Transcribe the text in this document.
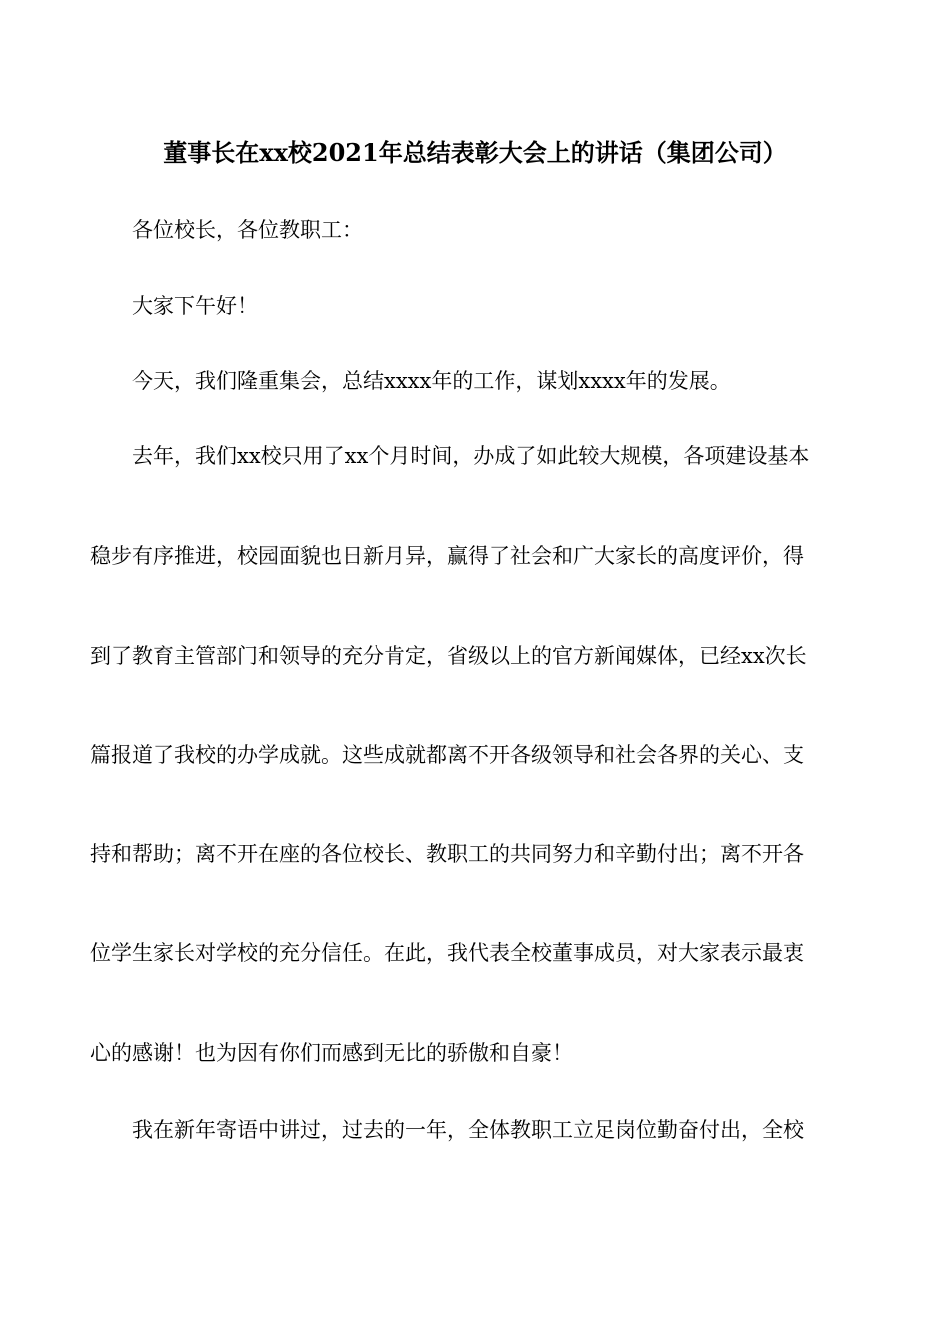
董事长在xx校2021年总结表彰大会上的讲话（集团公司）
各位校长，各位教职工：
大家下午好！
今天，我们隆重集会，总结xxxx年的工作，谋划xxxx年的发展。
去年，我们xx校只用了xx个月时间，办成了如此较大规模，各项建设基本
稳步有序推进，校园面貌也日新月异，赢得了社会和广大家长的高度评价，得
到了教育主管部门和领导的充分肯定，省级以上的官方新闻媒体，已经xx次长
篇报道了我校的办学成就。这些成就都离不开各级领导和社会各界的关心、支
持和帮助；离不开在座的各位校长、教职工的共同努力和辛勤付出；离不开各
位学生家长对学校的充分信任。在此，我代表全校董事成员，对大家表示最衷
心的感谢！也为因有你们而感到无比的骄傲和自豪！
我在新年寄语中讲过，过去的一年，全体教职工立足岗位勤奋付出，全校
